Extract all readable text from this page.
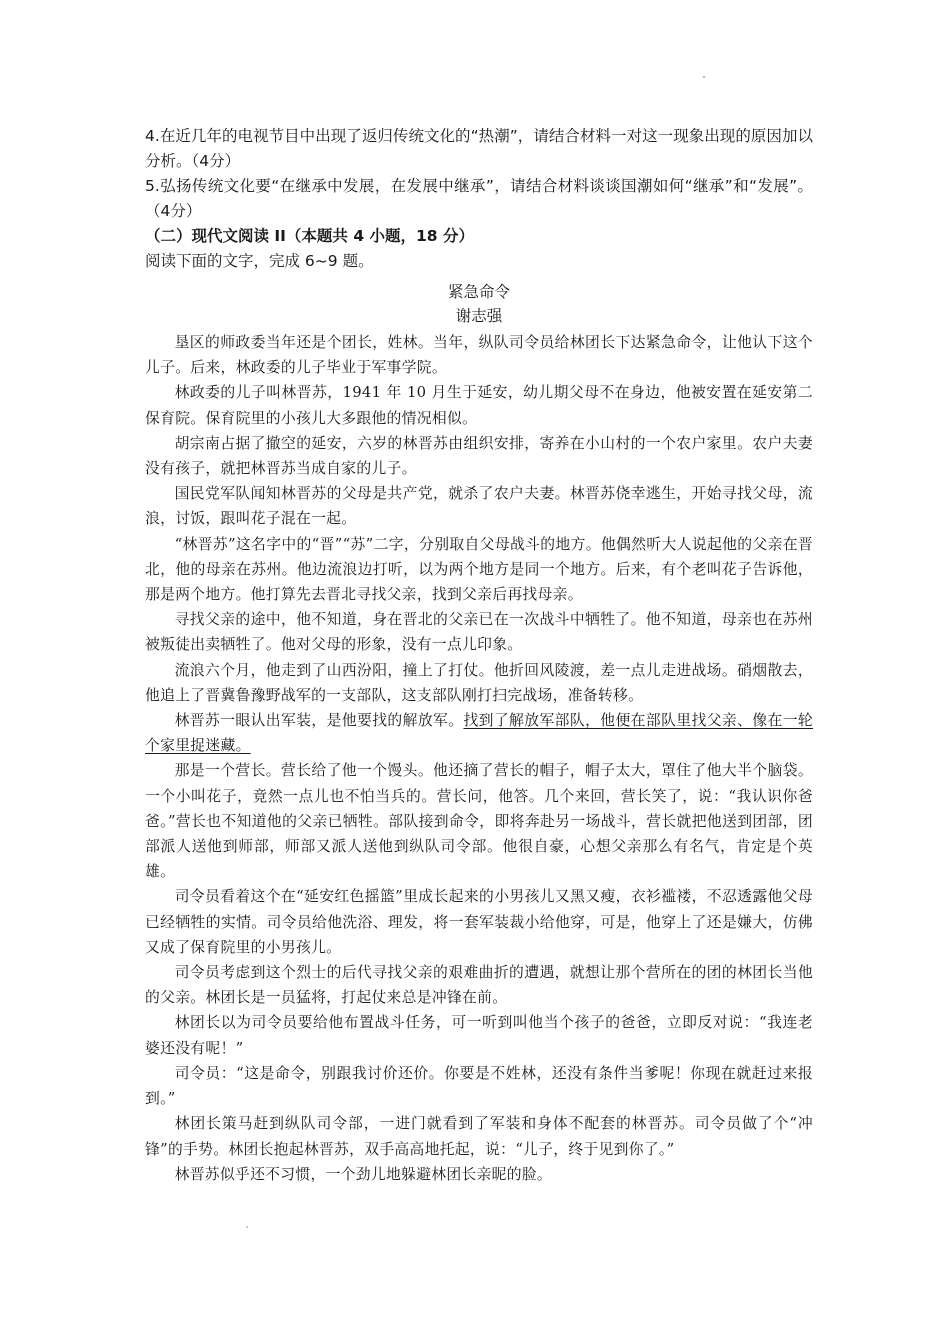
4.在近几年的电视节目中出现了返归传统文化的“热潮”，请结合材料一对这一现象出现的原因加以分析。（4分）

5.弘扬传统文化要“在继承中发展，在发展中继承”，请结合材料谈谈国潮如何“继承”和“发展”。（4分）

（二）现代文阅读 II（本题共 4 小题，18 分）

阅读下面的文字，完成 6~9 题。

紧急命令

谢志强

垦区的师政委当年还是个团长，姓林。当年，纵队司令员给林团长下达紧急命令，让他认下这个儿子。后来，林政委的儿子毕业于军事学院。

林政委的儿子叫林晋苏，1941 年 10 月生于延安，幼儿期父母不在身边，他被安置在延安第二保育院。保育院里的小孩儿大多跟他的情况相似。

胡宗南占据了撤空的延安，六岁的林晋苏由组织安排，寄养在小山村的一个农户家里。农户夫妻没有孩子，就把林晋苏当成自家的儿子。

国民党军队闻知林晋苏的父母是共产党，就杀了农户夫妻。林晋苏侥幸逃生，开始寻找父母，流浪，讨饭，跟叫花子混在一起。

“林晋苏”这名字中的“晋”“苏”二字，分别取自父母战斗的地方。他偶然听大人说起他的父亲在晋北，他的母亲在苏州。他边流浪边打听，以为两个地方是同一个地方。后来，有个老叫花子告诉他，那是两个地方。他打算先去晋北寻找父亲，找到父亲后再找母亲。

寻找父亲的途中，他不知道，身在晋北的父亲已在一次战斗中牺牲了。他不知道，母亲也在苏州被叛徒出卖牺牲了。他对父母的形象，没有一点儿印象。

流浪六个月，他走到了山西汾阳，撞上了打仗。他折回风陵渡，差一点儿走进战场。硝烟散去，他追上了晋冀鲁豫野战军的一支部队，这支部队刚打扫完战场，准备转移。

林晋苏一眼认出军装，是他要找的解放军。找到了解放军部队，他便在部队里找父亲、像在一轮个家里捉迷藏。

那是一个营长。营长给了他一个馒头。他还摘了营长的帽子，帽子太大，罩住了他大半个脑袋。一个小叫花子，竟然一点儿也不怕当兵的。营长问，他答。几个来回，营长笑了，说：“我认识你爸爸。”营长也不知道他的父亲已牺牲。部队接到命令，即将奔赴另一场战斗，营长就把他送到团部，团部派人送他到师部，师部又派人送他到纵队司令部。他很自豪，心想父亲那么有名气，肯定是个英雄。

司令员看着这个在“延安红色摇篮”里成长起来的小男孩儿又黑又瘦，衣衫褴褛，不忍透露他父母已经牺牲的实情。司令员给他洗浴、理发，将一套军装裁小给他穿，可是，他穿上了还是嫌大，仿佛又成了保育院里的小男孩儿。

司令员考虑到这个烈士的后代寻找父亲的艰难曲折的遭遇，就想让那个营所在的团的林团长当他的父亲。林团长是一员猛将，打起仗来总是冲锋在前。

林团长以为司令员要给他布置战斗任务，可一听到叫他当个孩子的爸爸，立即反对说：“我连老婆还没有呢！”

司令员：“这是命令，别跟我讨价还价。你要是不姓林，还没有条件当爹呢！你现在就赶过来报到。”

林团长策马赶到纵队司令部，一进门就看到了军装和身体不配套的林晋苏。司令员做了个“冲锋”的手势。林团长抱起林晋苏，双手高高地托起，说：“儿子，终于见到你了。”

林晋苏似乎还不习惯，一个劲儿地躲避林团长亲昵的脸。
